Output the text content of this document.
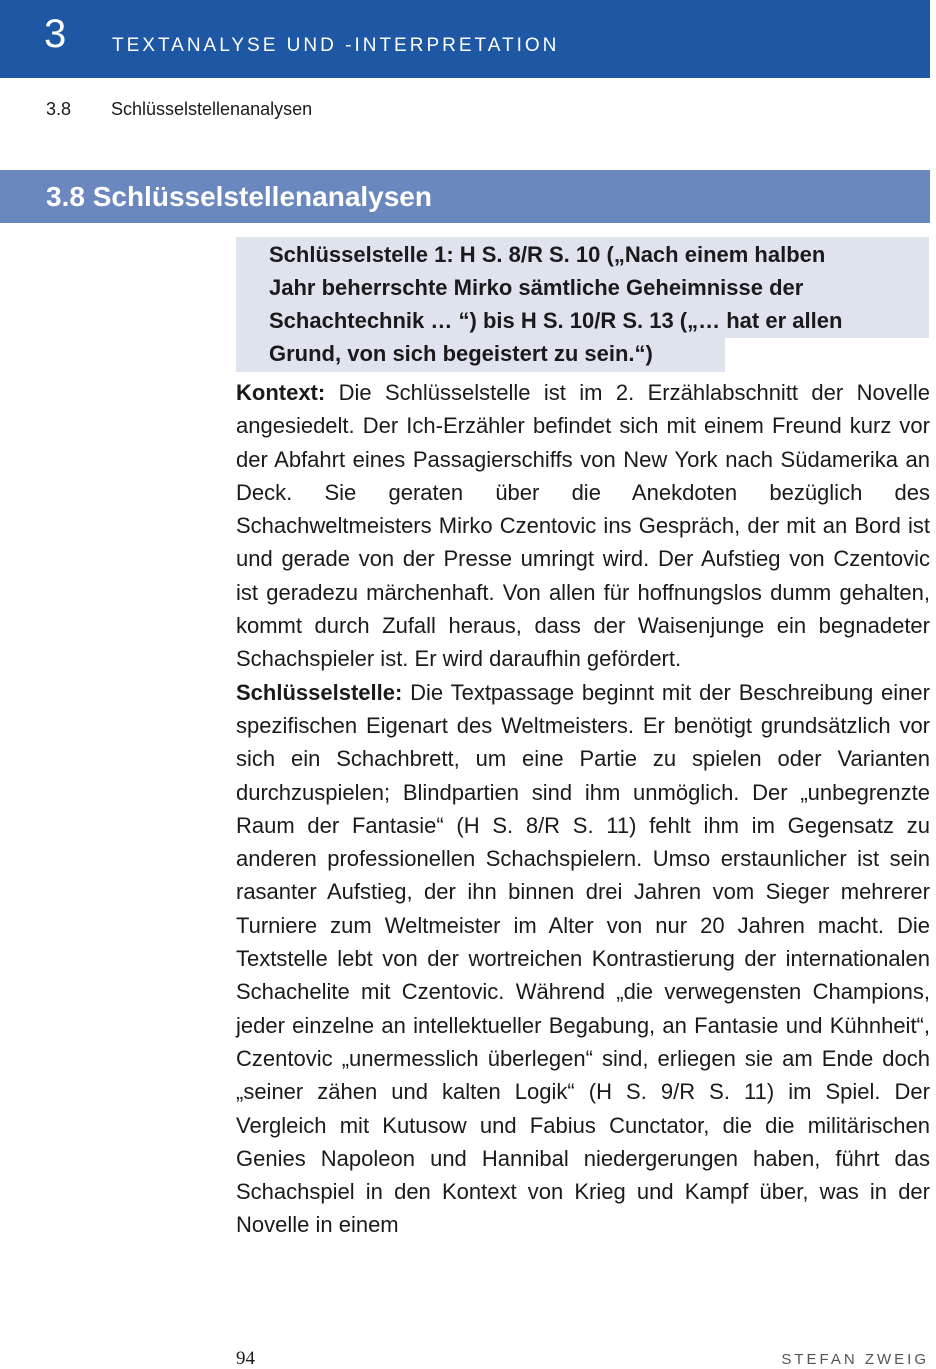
3 TEXTANALYSE UND -INTERPRETATION
3.8 Schlüsselstellenanalysen
3.8 Schlüsselstellenanalysen
Schlüsselstelle 1: H S. 8/R S. 10 („Nach einem halben
Jahr beherrschte Mirko sämtliche Geheimnisse der
Schachtechnik … “) bis H S. 10/R S. 13 („… hat er allen
Grund, von sich begeistert zu sein.“)

Kontext: Die Schlüsselstelle ist im 2. Erzählabschnitt der Novelle angesiedelt. Der Ich-Erzähler befindet sich mit einem Freund kurz vor der Abfahrt eines Passagierschiffs von New York nach Südamerika an Deck. Sie geraten über die Anekdoten bezüglich des Schachweltmeisters Mirko Czentovic ins Gespräch, der mit an Bord ist und gerade von der Presse umringt wird. Der Aufstieg von Czentovic ist geradezu märchenhaft. Von allen für hoffnungslos dumm gehalten, kommt durch Zufall heraus, dass der Waisenjunge ein begnadeter Schachspieler ist. Er wird daraufhin gefördert.

Schlüsselstelle: Die Textpassage beginnt mit der Beschreibung einer spezifischen Eigenart des Weltmeisters. Er benötigt grundsätzlich vor sich ein Schachbrett, um eine Partie zu spielen oder Varianten durchzuspielen; Blindpartien sind ihm unmöglich. Der „unbegrenzte Raum der Fantasie“ (H S. 8/R S. 11) fehlt ihm im Gegensatz zu anderen professionellen Schachspielern. Umso erstaunlicher ist sein rasanter Aufstieg, der ihn binnen drei Jahren vom Sieger mehrerer Turniere zum Weltmeister im Alter von nur 20 Jahren macht. Die Textstelle lebt von der wortreichen Kontrastierung der internationalen Schachelite mit Czentovic. Während „die verwegensten Champions, jeder einzelne an intellektueller Begabung, an Fantasie und Kühnheit“, Czentovic „unermesslich überlegen“ sind, erliegen sie am Ende doch „seiner zähen und kalten Logik“ (H S. 9/R S. 11) im Spiel. Der Vergleich mit Kutusow und Fabius Cunctator, die die militärischen Genies Napoleon und Hannibal niedergerungen haben, führt das Schachspiel in den Kontext von Krieg und Kampf über, was in der Novelle in einem

94	STEFAN ZWEIG
